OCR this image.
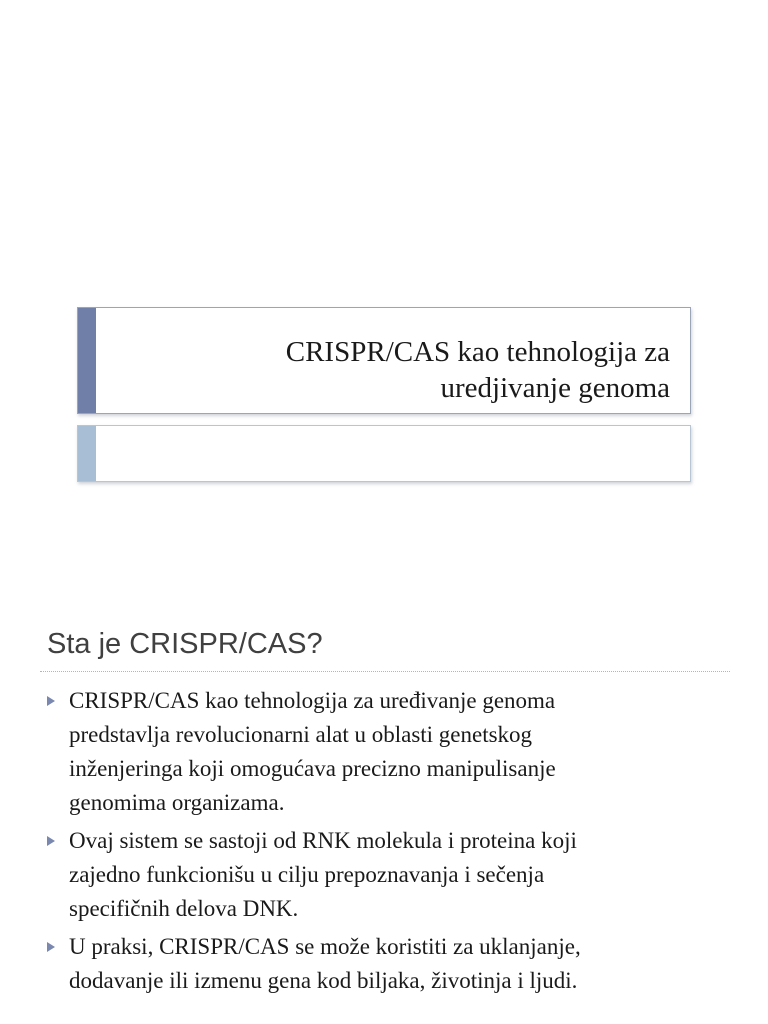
CRISPR/CAS kao tehnologija za
uredjivanje genoma
Sta je CRISPR/CAS?
CRISPR/CAS kao tehnologija za uređivanje genoma
predstavlja revolucionarni alat u oblasti genetskog
inženjeringa koji omogućava precizno manipulisanje
genomima organizama.
Ovaj sistem se sastoji od RNK molekula i proteina koji
zajedno funkcionišu u cilju prepoznavanja i sečenja
specifičnih delova DNK.
U praksi, CRISPR/CAS se može koristiti za uklanjanje,
dodavanje ili izmenu gena kod biljaka, životinja i ljudi.
